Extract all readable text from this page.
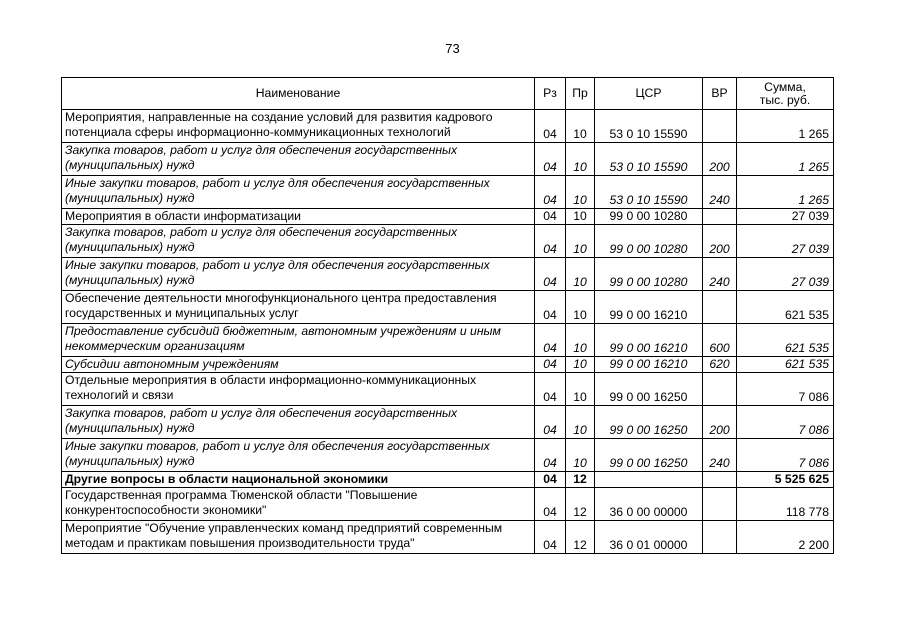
73
Наименование	Рз	Пр	ЦСР	ВР	Сумма,
тыс. руб.
Мероприятия, направленные на создание условий для развития кадрового потенциала сферы информационно-коммуникационных технологий	04	10	53 0 10 15590		1 265
Закупка товаров, работ и услуг для обеспечения государственных (муниципальных) нужд	04	10	53 0 10 15590	200	1 265
Иные закупки товаров, работ и услуг для обеспечения государственных (муниципальных) нужд	04	10	53 0 10 15590	240	1 265
Мероприятия в области информатизации	04	10	99 0 00 10280		27 039
Закупка товаров, работ и услуг для обеспечения государственных (муниципальных) нужд	04	10	99 0 00 10280	200	27 039
Иные закупки товаров, работ и услуг для обеспечения государственных (муниципальных) нужд	04	10	99 0 00 10280	240	27 039
Обеспечение деятельности многофункционального центра предоставления государственных и муниципальных услуг	04	10	99 0 00 16210		621 535
Предоставление субсидий бюджетным, автономным учреждениям и иным некоммерческим организациям	04	10	99 0 00 16210	600	621 535
Субсидии автономным учреждениям	04	10	99 0 00 16210	620	621 535
Отдельные мероприятия в области информационно-коммуникационных технологий и связи	04	10	99 0 00 16250		7 086
Закупка товаров, работ и услуг для обеспечения государственных (муниципальных) нужд	04	10	99 0 00 16250	200	7 086
Иные закупки товаров, работ и услуг для обеспечения государственных (муниципальных) нужд	04	10	99 0 00 16250	240	7 086
Другие вопросы в области национальной экономики	04	12			5 525 625
Государственная программа Тюменской области "Повышение конкурентоспособности экономики"	04	12	36 0 00 00000		118 778
Мероприятие "Обучение управленческих команд предприятий современным методам и практикам повышения производительности труда"	04	12	36 0 01 00000		2 200
